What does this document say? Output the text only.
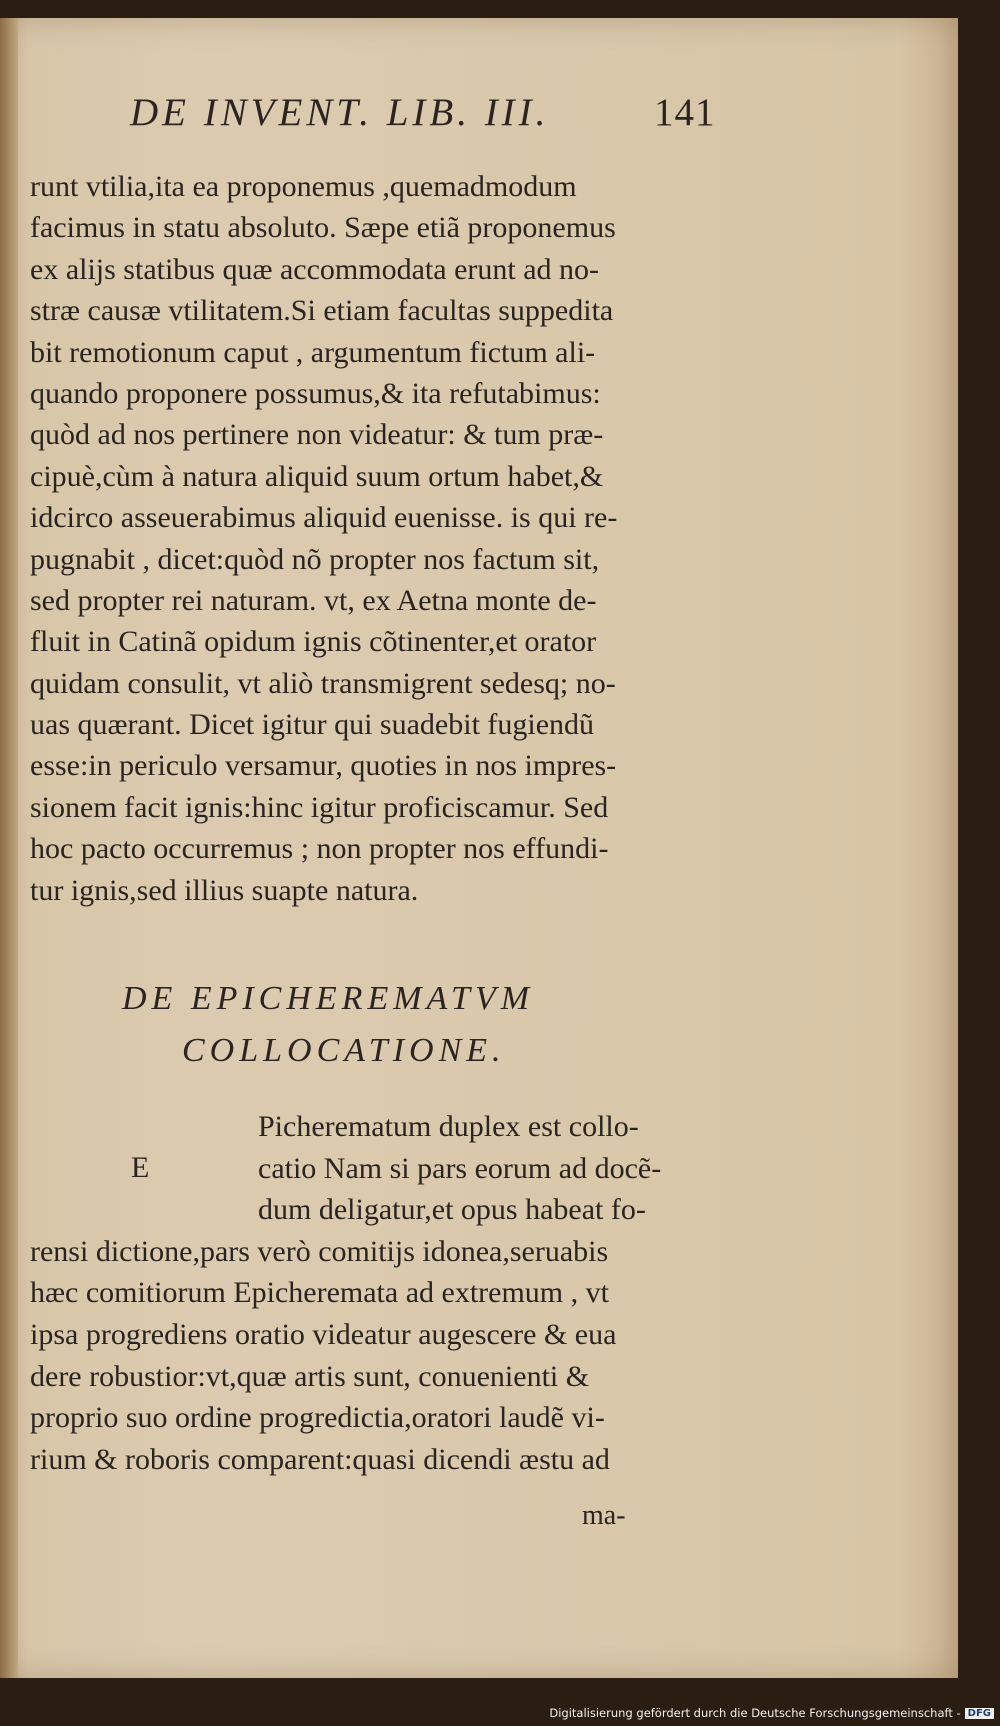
DE INVENT. LIB. III.	141
runt vtilia,ita ea proponemus ,quemadmodum
facimus in statu absoluto. Sæpe etiã proponemus
ex alijs statibus quæ accommodata erunt ad no-
stræ causæ vtilitatem.Si etiam facultas suppedita
bit remotionum caput , argumentum fictum ali-
quando proponere possumus,& ita refutabimus:
quòd ad nos pertinere non videatur: & tum præ-
cipuè,cùm à natura aliquid suum ortum habet,&
idcirco asseuerabimus aliquid euenisse. is qui re-
pugnabit , dicet:quòd nõ propter nos factum sit,
sed propter rei naturam. vt, ex Aetna monte de-
fluit in Catinã opidum ignis cõtinenter,et orator
quidam consulit, vt aliò transmigrent sedesq; no-
uas quærant. Dicet igitur qui suadebit fugiendũ
esse:in periculo versamur, quoties in nos impres-
sionem facit ignis:hinc igitur proficiscamur. Sed
hoc pacto occurremus ; non propter nos effundi-
tur ignis,sed illius suapte natura.
DE EPICHEREMATVM
COLLOCATIONE.
E
Picherematum duplex est collo-
catio Nam si pars eorum ad docẽ-
dum deligatur,et opus habeat fo-
rensi dictione,pars verò comitijs idonea,seruabis
hæc comitiorum Epicheremata ad extremum , vt
ipsa progrediens oratio videatur augescere & eua
dere robustior:vt,quæ artis sunt, conuenienti &
proprio suo ordine progredictia,oratori laudẽ vi-
rium & roboris comparent:quasi dicendi æstu ad
ma-
Digitalisierung gefördert durch die Deutsche Forschungsgemeinschaft - DFG
